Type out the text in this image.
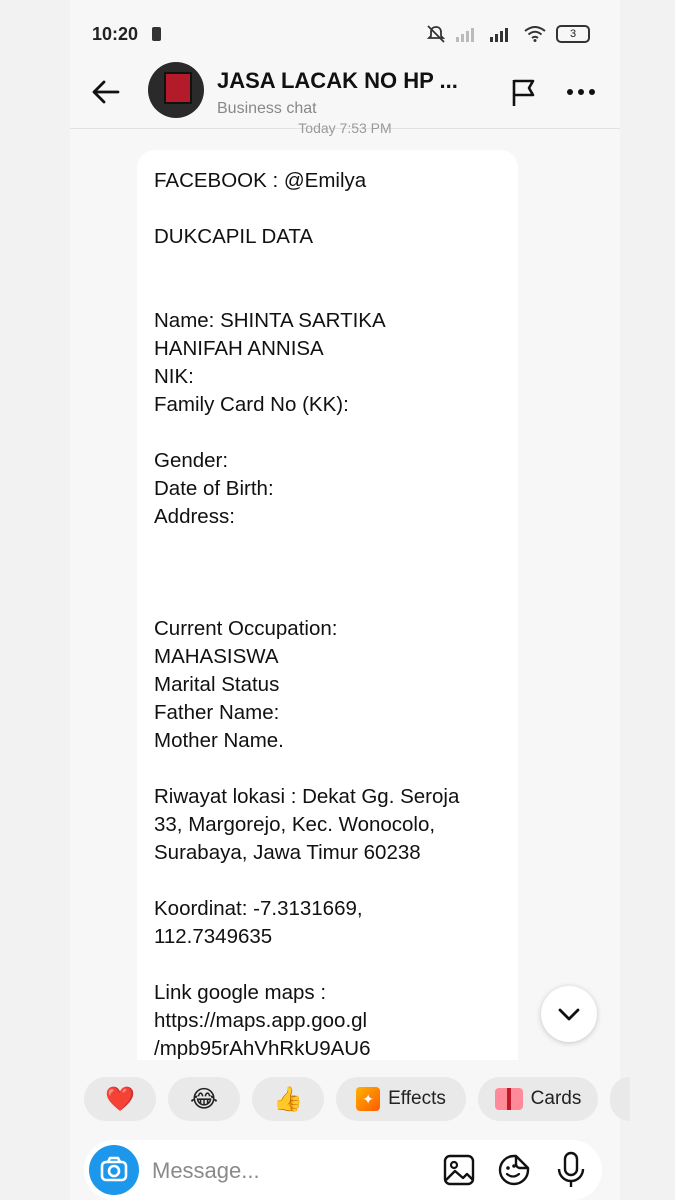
10:20	3
JASA LACAK NO HP ...
Business chat
Today 7:53 PM
FACEBOOK : @Emilya

DUKCAPIL DATA

Name: SHINTA SARTIKA
HANIFAH ANNISA
NIK:
Family Card No (KK):

Gender:
Date of Birth:
Address:

Current Occupation:
MAHASISWA
Marital Status
Father Name:
Mother Name.

Riwayat lokasi : Dekat Gg. Seroja
33, Margorejo, Kec. Wonocolo,
Surabaya, Jawa Timur 60238

Koordinat: -7.3131669,
112.7349635

Link google maps :
https://maps.app.goo.gl
/mpb95rAhVhRkU9AU6
❤️ 😂 👍	✦ Effects	Cards
Message...
